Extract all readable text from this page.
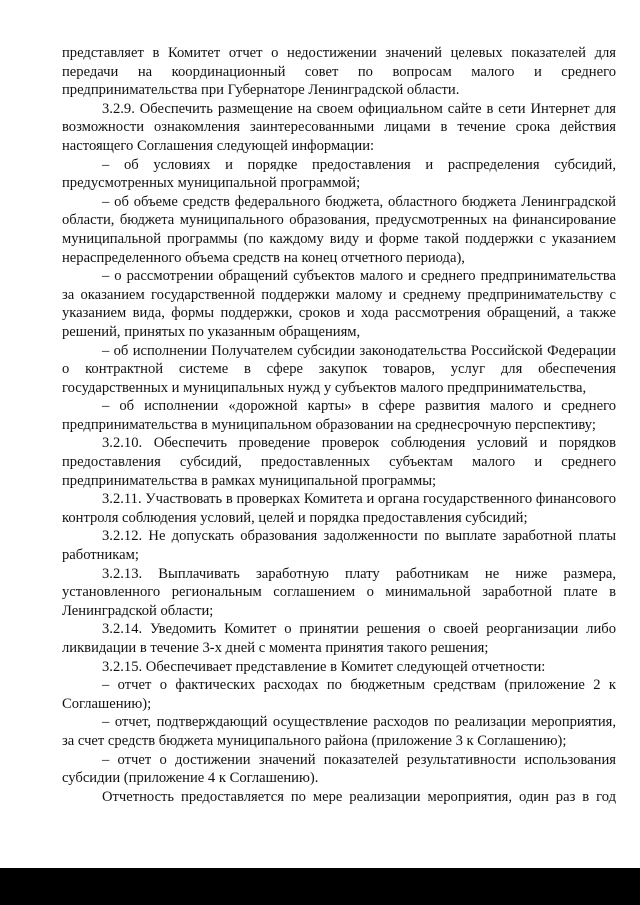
представляет в Комитет отчет о недостижении значений целевых показателей для передачи на координационный совет по вопросам малого и среднего предпринимательства при Губернаторе Ленинградской области.

3.2.9. Обеспечить размещение на своем официальном сайте в сети Интернет для возможности ознакомления заинтересованными лицами в течение срока действия настоящего Соглашения следующей информации:

– об условиях и порядке предоставления и распределения субсидий, предусмотренных муниципальной программой;

– об объеме средств федерального бюджета, областного бюджета Ленинградской области, бюджета муниципального образования, предусмотренных на финансирование муниципальной программы (по каждому виду и форме такой поддержки с указанием нераспределенного объема средств на конец отчетного периода),

– о рассмотрении обращений субъектов малого и среднего предпринимательства за оказанием государственной поддержки малому и среднему предпринимательству с указанием вида, формы поддержки, сроков и хода рассмотрения обращений, а также решений, принятых по указанным обращениям,

– об исполнении Получателем субсидии законодательства Российской Федерации о контрактной системе в сфере закупок товаров, услуг для обеспечения государственных и муниципальных нужд у субъектов малого предпринимательства,

– об исполнении «дорожной карты» в сфере развития малого и среднего предпринимательства в муниципальном образовании на среднесрочную перспективу;

3.2.10. Обеспечить проведение проверок соблюдения условий и порядков предоставления субсидий, предоставленных субъектам малого и среднего предпринимательства в рамках муниципальной программы;

3.2.11. Участвовать в проверках Комитета и органа государственного финансового контроля соблюдения условий, целей и порядка предоставления субсидий;

3.2.12. Не допускать образования задолженности по выплате заработной платы работникам;

3.2.13. Выплачивать заработную плату работникам не ниже размера, установленного региональным соглашением о минимальной заработной плате в Ленинградской области;

3.2.14. Уведомить Комитет о принятии решения о своей реорганизации либо ликвидации в течение 3-х дней с момента принятия такого решения;

3.2.15. Обеспечивает представление в Комитет следующей отчетности:

– отчет о фактических расходах по бюджетным средствам (приложение 2 к Соглашению);

– отчет, подтверждающий осуществление расходов по реализации мероприятия, за счет средств бюджета муниципального района (приложение 3 к Соглашению);

– отчет о достижении значений показателей результативности использования субсидии (приложение 4 к Соглашению).

Отчетность предоставляется по мере реализации мероприятия, один раз в год
